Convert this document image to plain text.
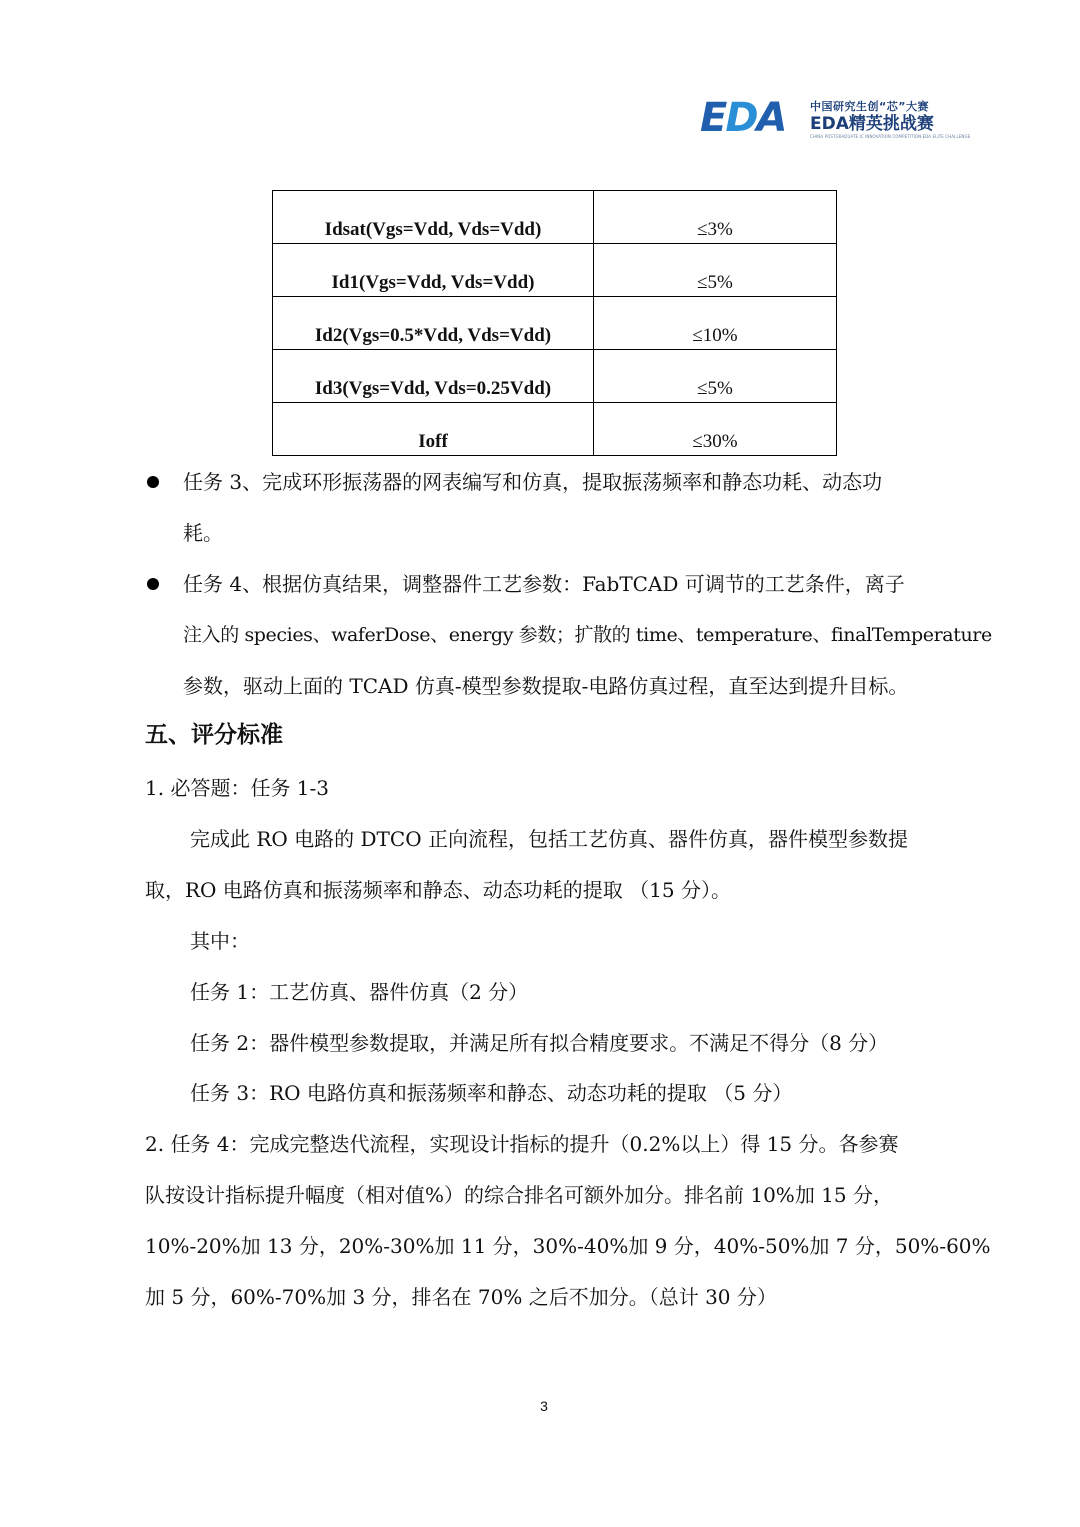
EDA 中国研究生创“芯”大赛
EDA精英挑战赛
CHINA POSTGRADUATE IC INNOVATION COMPETITION·EDA ELITE CHALLENGE
Idsat(Vgs=Vdd, Vds=Vdd)	≤3%
Id1(Vgs=Vdd, Vds=Vdd)	≤5%
Id2(Vgs=0.5*Vdd, Vds=Vdd)	≤10%
Id3(Vgs=Vdd, Vds=0.25Vdd)	≤5%
Ioff	≤30%
任务 3、完成环形振荡器的网表编写和仿真，提取振荡频率和静态功耗、动态功
耗。
任务 4、根据仿真结果，调整器件工艺参数：FabTCAD 可调节的工艺条件，离子
注入的 species、waferDose、energy 参数；扩散的 time、temperature、finalTemperature
参数，驱动上面的 TCAD 仿真-模型参数提取-电路仿真过程，直至达到提升目标。
五、评分标准
1. 必答题：任务 1-3
完成此 RO 电路的 DTCO 正向流程，包括工艺仿真、器件仿真，器件模型参数提
取，RO 电路仿真和振荡频率和静态、动态功耗的提取 （15 分）。
其中：
任务 1：工艺仿真、器件仿真（2 分）
任务 2：器件模型参数提取，并满足所有拟合精度要求。不满足不得分（8 分）
任务 3：RO 电路仿真和振荡频率和静态、动态功耗的提取 （5 分）
2. 任务 4：完成完整迭代流程，实现设计指标的提升（0.2%以上）得 15 分。各参赛
队按设计指标提升幅度（相对值%）的综合排名可额外加分。排名前 10%加 15 分，
10%-20%加 13 分，20%-30%加 11 分，30%-40%加 9 分，40%-50%加 7 分，50%-60%
加 5 分，60%-70%加 3 分，排名在 70% 之后不加分。（总计 30 分）
3
